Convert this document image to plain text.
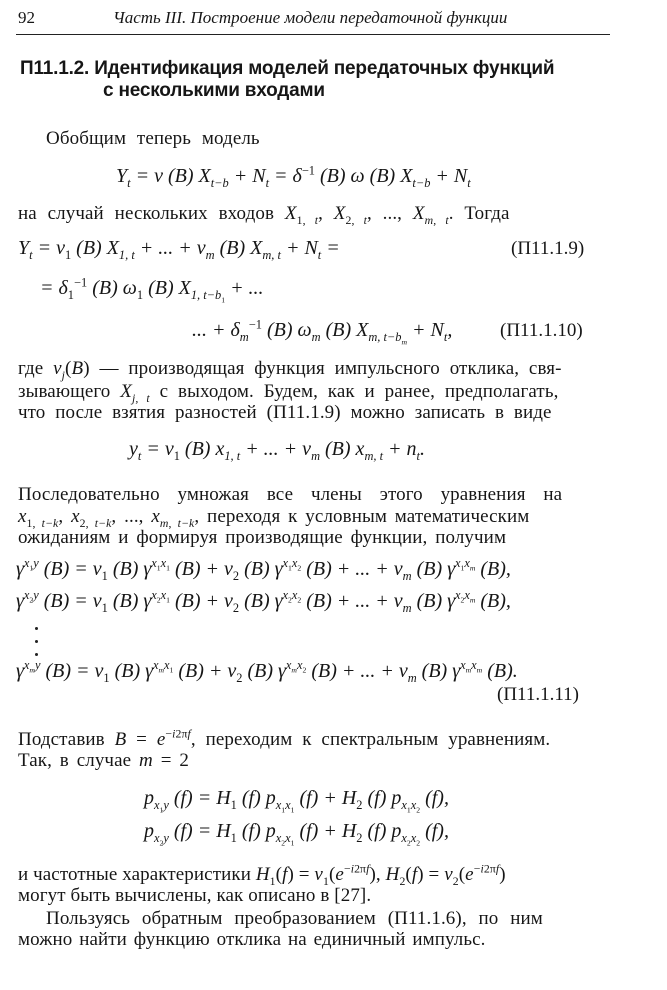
92	Часть III. Построение модели передаточной функции
П11.1.2. Идентификация моделей передаточных функций
с несколькими входами
Обобщим теперь модель
$Y_t = v$ (B) $X_{t-b} + N_t = \delta^{-1}$ (B) ω (B) $X_{t-b} + N_t$
на случай нескольких входов $X_{1, t}$, $X_{2, t}$, ..., $X_{m, t}$. Тогда
$Y_t = v_1$ (B) $X_{1, t}$ + ... + $v_m$ (B) $X_{m, t} + N_t$ =	(П11.1.9)
= $\delta_1^{-1}$ (B) $\omega_1$ (B) $X_{1, t-b_1}$ + ...
... + $\delta_m^{-1}$ (B) $\omega_m$ (B) $X_{m, t-b_m} + N_t$,	(П11.1.10)
где $v_j(B)$ — производящая функция импульсного отклика, свя-
зывающего $X_{j, t}$ с выходом. Будем, как и ранее, предполагать,
что после взятия разностей (П11.1.9) можно записать в виде
$y_t = v_1$ (B) $x_{1, t}$ + ... + $v_m$ (B) $x_{m, t} + n_t$.
Последовательно умножая все члены этого уравнения на
$x_{1, t-k}$, $x_{2, t-k}$, ..., $x_{m, t-k}$, переходя к условным математическим
ожиданиям и формируя производящие функции, получим
$\gamma^{x_1y}$ $(B) = v_1$ (B) $\gamma^{x_1x_1}$ $(B) + v_2$ (B) $\gamma^{x_1x_2}$ (B) + ... + $v_m$ (B) $\gamma^{x_1x_m}$ (B),
$\gamma^{x_2y}$ $(B) = v_1$ (B) $\gamma^{x_2x_1}$ $(B) + v_2$ (B) $\gamma^{x_2x_2}$ (B) + ... + $v_m$ (B) $\gamma^{x_2x_m}$ (B),
$\gamma^{x_my}$ $(B) = v_1$ (B) $\gamma^{x_mx_1}$ $(B) + v_2$ (B) $\gamma^{x_mx_2}$ (B) + ... + $v_m$ (B) $\gamma^{x_mx_m}$ (B).
(П11.1.11)
Подставив $B = e^{-i2\pi f}$, переходим к спектральным уравнениям.
Так, в случае m = 2
$p_{x_1y}$ $(f) = H_1$ (f) $p_{x_1x_1}$ $(f) + H_2$ (f) $p_{x_1x_2}$ (f),
$p_{x_2y}$ $(f) = H_1$ (f) $p_{x_2x_1}$ $(f) + H_2$ (f) $p_{x_2x_2}$ (f),
и частотные характеристики $H_1(f) = v_1(e^{-i2\pi f})$, $H_2(f) = v_2(e^{-i2\pi f})$
могут быть вычислены, как описано в [27].
Пользуясь обратным преобразованием (П11.1.6), по ним
можно найти функцию отклика на единичный импульс.
